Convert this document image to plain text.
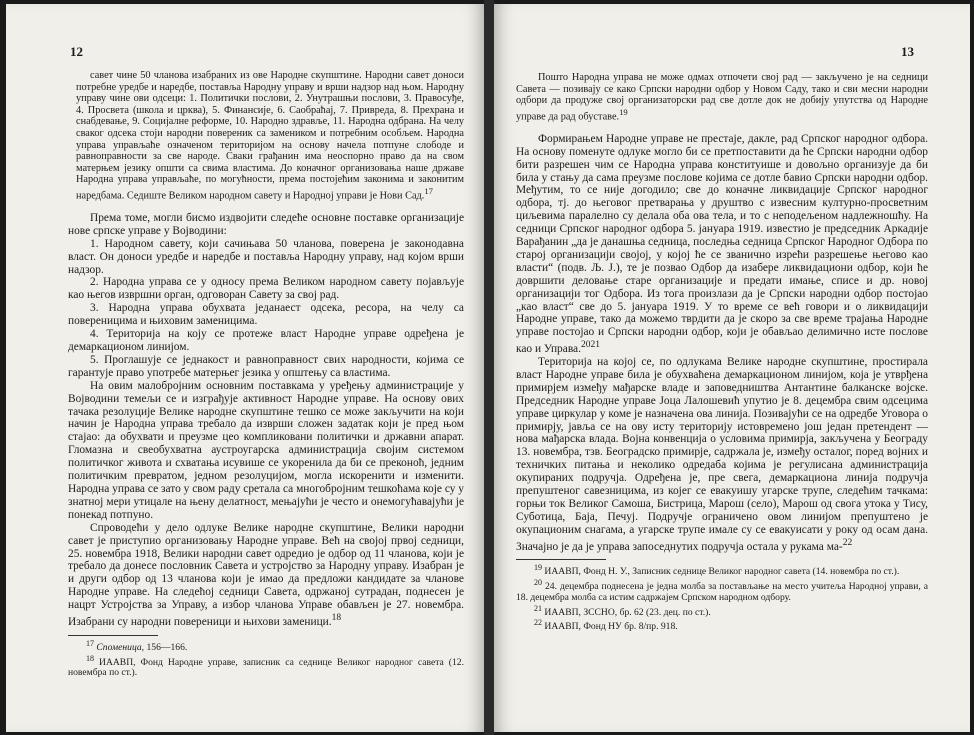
12

савет чине 50 чланова изабраних из ове Народне скупштине. Народни савет доноси потребне уредбе и наредбе, поставља Народну управу и врши надзор над њом. Народну управу чине ови одсеци: 1. Политички послови, 2. Унутрашњи послови, 3. Правосуђе, 4. Просвета (школа и црква), 5. Финансије, 6. Саобраћај, 7. Привреда, 8. Прехрана и снабдевање, 9. Социјалне реформе, 10. Народно здравље, 11. Народна одбрана. На челу сваког одсека стоји народни повереник са замеником и потребним особљем. Народна управа управљаће означеном територијом на основу начела потпуне слободе и равноправности за све народе. Сваки грађанин има неоспорно право да на свом матерњем језику општи са свима властима. До коначног организовања наше државе Народна управа управљаће, по могућности, према постојећим законима и законитим наредбама. Седиште Великом народном савету и Народној управи је Нови Сад.$^{17}$

Према томе, могли бисмо издвојити следеће основне поставке организације нове српске управе у Војводини:

1. Народном савету, који сачињава 50 чланова, поверена је законодавна власт. Он доноси уредбе и наредбе и поставља Народну управу, над којом врши надзор.

2. Народна управа се у односу према Великом народном савету појављује као његов извршни орган, одговоран Савету за свој рад.

3. Народна управа обухвата једанаест одсека, ресора, на челу са повереницима и њиховим заменицима.

4. Територија на коју се протеже власт Народне управе одређена је демаркационом линијом.

5. Проглашује се једнакост и равноправност свих народности, којима се гарантује право употребе матерњег језика у општењу са властима.

На овим малобројним основним поставкама у уређењу администрације у Војводини темељи се и изграђује активност Народне управе. На основу ових тачака резолуције Велике народне скупштине тешко се може закључити на који начин је Народна управа требало да изврши сложен задатак који је пред њом стајао: да обухвати и преузме цео компликовани политички и државни апарат. Гломазна и свеобухватна аустроугарска администрација својим системом политичког живота и схватања исувише се укоренила да би се преконоћ, једним политичким превратом, једном резолуцијом, могла искоренити и изменити. Народна управа се зато у свом раду сретала са многобројним тешкоћама које су у знатној мери утицале на њену делатност, мењајући је често и онемогућавајући је понекад потпуно.

Спроводећи у дело одлуке Велике народне скупштине, Велики народни савет је приступио организовању Народне управе. Већ на својој првој седници, 25. новембра 1918, Велики народни савет одредио је одбор од 11 чланова, који је требало да донесе пословник Савета и устројство за Народну управу. Изабран је и други одбор од 13 чланова који је имао да предложи кандидате за чланове Народне управе. На следећој седници Савета, одржаној сутрадан, поднесен је нацрт Устројства за Управу, а избор чланова Управе обављен је 27. новембра. Изабрани су народни повереници и њихови заменици.$^{18}$

$^{17}$ Споменица, 156—166.

$^{18}$ ИААВП, Фонд Народне управе, записник са седнице Великог народног савета (12. новембра по ст.).

13

Пошто Народна управа не може одмах отпочети свој рад — закључено је на седници Савета — позивају се како Српски народни одбор у Новом Саду, тако и сви месни народни одбори да продуже свој организаторски рад све дотле док не добију упутства од Народне управе да рад обуставе.$^{19}$

Формирањем Народне управе не престаје, дакле, рад Српског народног одбора. На основу поменуте одлуке могло би се претпоставити да ће Српски народни одбор бити разрешен чим се Народна управа конституише и довољно организује да би била у стању да сама преузме послове којима се дотле бавио Српски народни одбор. Међутим, то се није догодило; све до коначне ликвидације Српског народног одбора, тј. до његовог претварања у друштво с извесним културно-просветним циљевима паралелно су делала оба ова тела, и то с неподељеном надлежношћу. На седници Српског народног одбора 5. јануара 1919. известио је председник Аркадије Варађанин „да је данашња седница, последња седница Српског Народног Одбора по старој организацији својој, у којој ће се званично изрећи разрешење његово као власти“ (подв. Љ. Ј.), те је позвао Одбор да изабере ликвидациони одбор, који ће довршити деловање старе организације и предати имање, списе и др. новој организацији тог Одбора. Из тога произлази да је Српски народни одбор постојао „као власт“ све до 5. јануара 1919. У то време се већ говори и о ликвидацији Народне управе, тако да можемо тврдити да је скоро за све време трајања Народне управе постојао и Српски народни одбор, који је обављао делимично исте послове као и Управа.$^{2021}$

Територија на којој се, по одлукама Велике народне скупштине, простирала власт Народне управе била је обухваћена демаркационом линијом, која је утврђена примирјем између мађарске владе и заповедништва Антантине балканске војске. Председник Народне управе Јоца Лалошевић упутио је 8. децембра свим одсецима управе циркулар у коме је назначена ова линија. Позивајући се на одредбе Уговора о примирју, јавља се на ову исту територију истовремено још један претендент — нова мађарска влада. Војна конвенција о условима примирја, закључена у Београду 13. новембра, тзв. Београдско примирје, садржала је, између осталог, поред војних и техничких питања и неколико одредаба којима је регулисана администрација окупираних подручја. Одређена је, пре свега, демаркациона линија подручја препуштеног савезницима, из којег се евакуишу угарске трупе, следећим тачкама: горњи ток Великог Самоша, Бистрица, Марош (село), Марош од свога утока у Тису, Суботица, Баја, Печуј. Подручје ограничено овом линијом препуштено је окупационим снагама, а угарске трупе имале су се евакуисати у року од осам дана. Значајно је да је управа запоседнутих подручја остала у рукама ма-$^{22}$

$^{19}$ ИААВП, Фонд Н. У., Записник седнице Великог народног савета (14. новембра по ст.).

$^{20}$ 24. децембра поднесена је једна молба за постављање на место учитеља Народној управи, а 18. децембра молба са истим садржајем Српском народном одбору.

$^{21}$ ИААВП, ЗССНО, бр. 62 (23. дец. по ст.).

$^{22}$ ИААВП, Фонд НУ бр. 8/пр. 918.
